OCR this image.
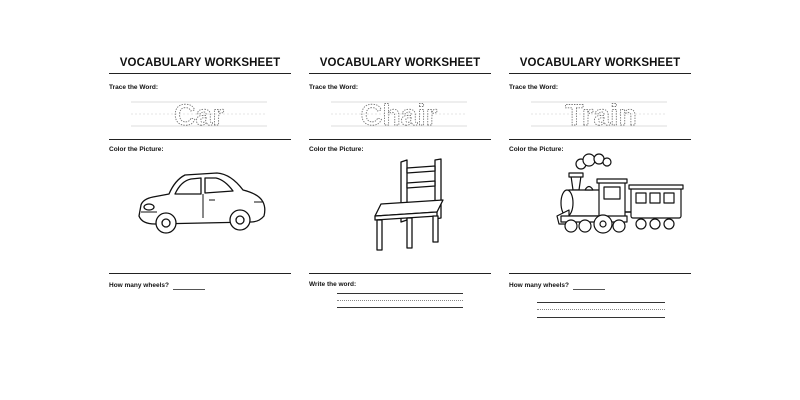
VOCABULARY WORKSHEET
Trace the Word:
Car
Color the Picture:
How many wheels?
VOCABULARY WORKSHEET
Trace the Word:
Chair
Color the Picture:
Write the word:
VOCABULARY WORKSHEET
Trace the Word:
Train
Color the Picture:
How many wheels?
